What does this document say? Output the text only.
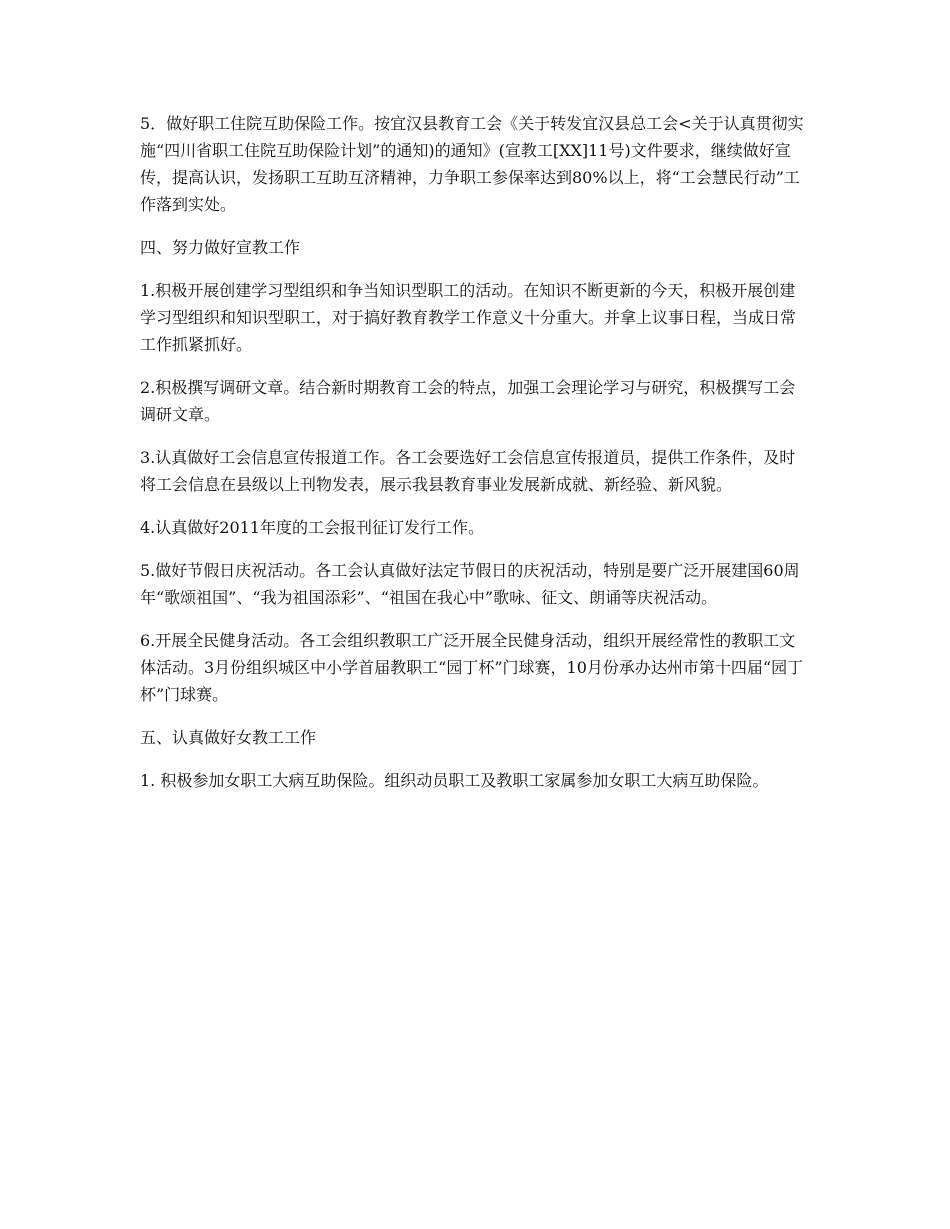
5．做好职工住院互助保险工作。按宜汉县教育工会《关于转发宜汉县总工会<关于认真贯彻实施“四川省职工住院互助保险计划”的通知)的通知》(宣教工[XX]11号)文件要求，继续做好宣传，提高认识，发扬职工互助互济精神，力争职工参保率达到80%以上，将“工会慧民行动”工作落到实处。

四、努力做好宣教工作

1.积极开展创建学习型组织和争当知识型职工的活动。在知识不断更新的今天，积极开展创建学习型组织和知识型职工，对于搞好教育教学工作意义十分重大。并拿上议事日程，当成日常工作抓紧抓好。

2.积极撰写调研文章。结合新时期教育工会的特点，加强工会理论学习与研究，积极撰写工会调研文章。

3.认真做好工会信息宣传报道工作。各工会要选好工会信息宣传报道员，提供工作条件，及时将工会信息在县级以上刊物发表，展示我县教育事业发展新成就、新经验、新风貌。

4.认真做好2011年度的工会报刊征订发行工作。

5.做好节假日庆祝活动。各工会认真做好法定节假日的庆祝活动，特别是要广泛开展建国60周年“歌颂祖国”、“我为祖国添彩”、“祖国在我心中”歌咏、征文、朗诵等庆祝活动。

6.开展全民健身活动。各工会组织教职工广泛开展全民健身活动，组织开展经常性的教职工文体活动。3月份组织城区中小学首届教职工“园丁杯”门球赛，10月份承办达州市第十四届“园丁杯”门球赛。

五、认真做好女教工工作

1. 积极参加女职工大病互助保险。组织动员职工及教职工家属参加女职工大病互助保险。
